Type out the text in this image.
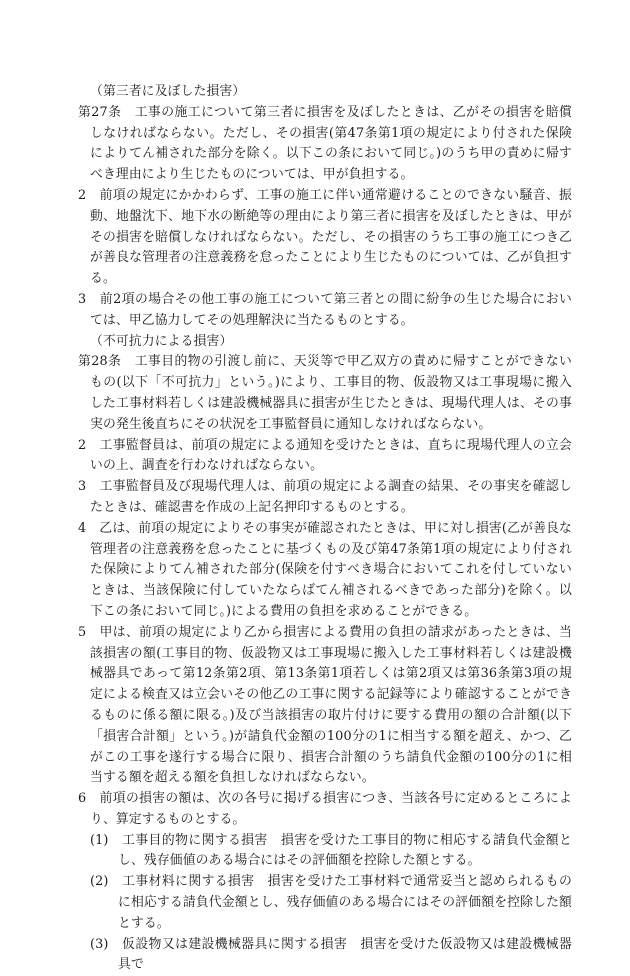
（第三者に及ぼした損害）
第27条　 工事の施工について第三者に損害を及ぼしたときは、乙がその損害を賠償しなければならない。ただし、その損害(第47条第1項の規定により付された保険によりてん補された部分を除く。以下この条において同じ。)のうち甲の責めに帰すべき理由により生じたものについては、甲が負担する。
2　 前項の規定にかかわらず、工事の施工に伴い通常避けることのできない騒音、振動、地盤沈下、地下水の断絶等の理由により第三者に損害を及ぼしたときは、甲がその損害を賠償しなければならない。ただし、その損害のうち工事の施工につき乙が善良な管理者の注意義務を怠ったことにより生じたものについては、乙が負担する。
3　 前2項の場合その他工事の施工について第三者との間に紛争の生じた場合においては、甲乙協力してその処理解決に当たるものとする。
（不可抗力による損害）
第28条　 工事目的物の引渡し前に、天災等で甲乙双方の責めに帰すことができないもの(以下「不可抗力」という。)により、工事目的物、仮設物又は工事現場に搬入した工事材料若しくは建設機械器具に損害が生じたときは、現場代理人は、その事実の発生後直ちにその状況を工事監督員に通知しなければならない。
2　 工事監督員は、前項の規定による通知を受けたときは、直ちに現場代理人の立会いの上、調査を行わなければならない。
3　 工事監督員及び現場代理人は、前項の規定による調査の結果、その事実を確認したときは、確認書を作成の上記名押印するものとする。
4　 乙は、前項の規定によりその事実が確認されたときは、甲に対し損害(乙が善良な管理者の注意義務を怠ったことに基づくもの及び第47条第1項の規定により付された保険によりてん補された部分(保険を付すべき場合においてこれを付していないときは、当該保険に付していたならばてん補されるべきであった部分)を除く。以下この条において同じ。)による費用の負担を求めることができる。
5　 甲は、前項の規定により乙から損害による費用の負担の請求があったときは、当該損害の額(工事目的物、仮設物又は工事現場に搬入した工事材料若しくは建設機械器具であって第12条第2項、第13条第1項若しくは第2項又は第36条第3項の規定による検査又は立会いその他乙の工事に関する記録等により確認することができるものに係る額に限る。)及び当該損害の取片付けに要する費用の額の合計額(以下「損害合計額」という。)が請負代金額の100分の1に相当する額を超え、かつ、乙がこの工事を遂行する場合に限り、損害合計額のうち請負代金額の100分の1に相当する額を超える額を負担しなければならない。
6　 前項の損害の額は、次の各号に掲げる損害につき、当該各号に定めるところにより、算定するものとする。
(1)　 工事目的物に関する損害　損害を受けた工事目的物に相応する請負代金額とし、残存価値のある場合にはその評価額を控除した額とする。
(2)　 工事材料に関する損害　損害を受けた工事材料で通常妥当と認められるものに相応する請負代金額とし、残存価値のある場合にはその評価額を控除した額とする。
(3)　 仮設物又は建設機械器具に関する損害　損害を受けた仮設物又は建設機械器具で
